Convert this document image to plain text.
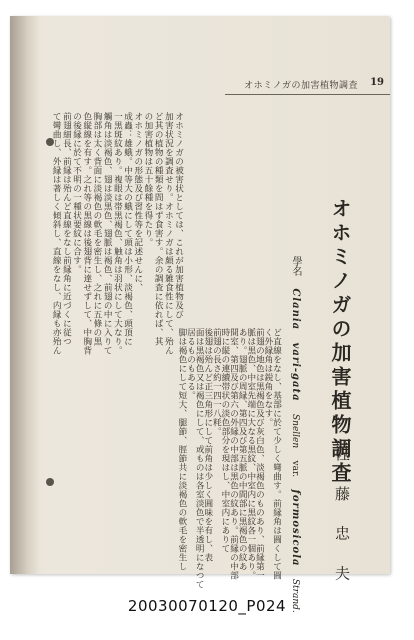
オホミノガの加害植物調査 19
オホミノガの加害植物調査
佐 藤 忠 夫
學名  Clania  vari-gata  Snellen  var.  formosicola  Strand.
オホミノガの被害状としては、これが加害植物及び
加害状況を調査せり。オホミノガは頗る雑食性にして、殆ん
ど其の植物の種類を問はず食害す。余の調査に依れば、其
の加害植物は五十餘種を得たり。
オホミノガの形態及び習性等を記述せんに、
成蟲：雄蛾。中等大の蛾にして頭は小形、淡褐色、頭頂に
一黒斑紋あり。複眼は帯黒褐色、触角は羽状にして大なり。
觸角は淡褐色、翅は淡黒色、翅脈は褐色、前翅の中に入りて
胸部は太く背面に淡褐色の軟毛を密生し、之れに五條の黒
色縦線を有す。之れ等の黒線は後翅背に達せずして、中胸背
の後縁に於て不明の一種状要紋に合す。
前翅細長、前縁は殆んど直線をなし前縁角に近づくに従つ
て彎曲し、外縁は著しく傾斜し、直線をなし、内縁も亦殆ん
ど直線をなし、基部に於て少しく彎曲す。前縁角は圓くして圓
く外縁角は鋭角をなす。
前翅の地色は黒褐色及び灰白色、淡褐色のものあり、前縁第一
脈は黒色、中室先端に大なる黒紋、中室内に黒紋各一個あり。
あり。翅脈の周縁、第四及び第五脈の中間部に黒褐色の紋あ
間室、第四及び第六の外縁の中部は黒色の紋あり。前縁の中部
時に縦の連續帯状の淡色部分を現はし、中室内にありて
前翅の長さ約一四一八粍。
後翅は殆んど正三角形にして前角は少しく圓味を有し、表
面は黒褐色又は褐色にして、或ものは各室淡色で半透明になつて
居るものもある。
脚は褐色にして短大、腿節、脛節共に淡褐色の軟毛を密生し
20030070120_P024
